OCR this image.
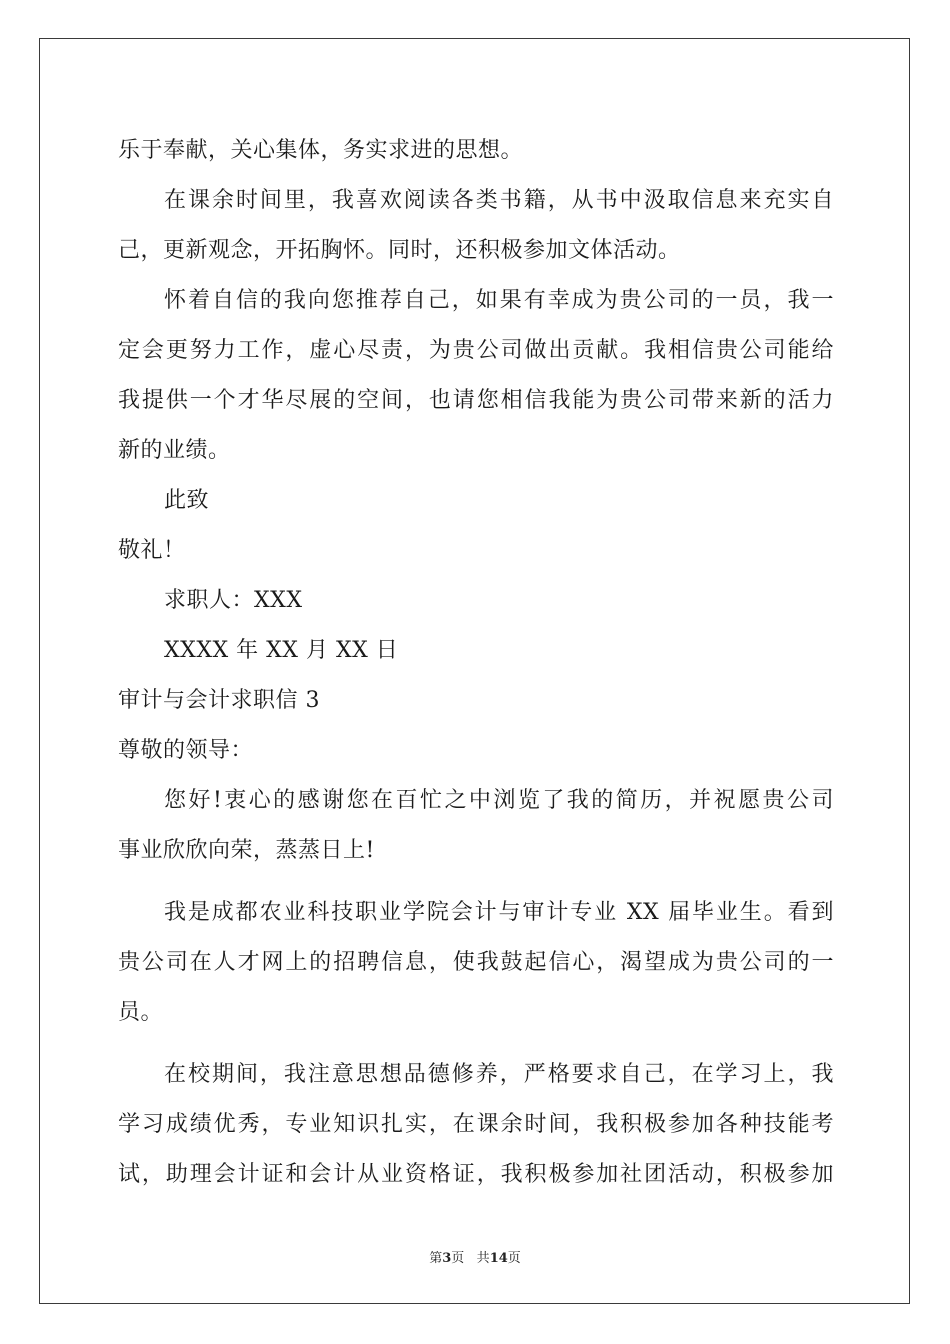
乐于奉献，关心集体，务实求进的思想。
在课余时间里，我喜欢阅读各类书籍，从书中汲取信息来充实自
己，更新观念，开拓胸怀。同时，还积极参加文体活动。
怀着自信的我向您推荐自己，如果有幸成为贵公司的一员，我一
定会更努力工作，虚心尽责，为贵公司做出贡献。我相信贵公司能给
我提供一个才华尽展的空间，也请您相信我能为贵公司带来新的活力
新的业绩。
此致
敬礼！
求职人：XXX
XXXX 年 XX 月 XX 日
审计与会计求职信 3
尊敬的领导：
您好!衷心的感谢您在百忙之中浏览了我的简历，并祝愿贵公司
事业欣欣向荣，蒸蒸日上!
我是成都农业科技职业学院会计与审计专业 XX 届毕业生。看到
贵公司在人才网上的招聘信息，使我鼓起信心，渴望成为贵公司的一
员。
在校期间，我注意思想品德修养，严格要求自己，在学习上，我
学习成绩优秀，专业知识扎实，在课余时间，我积极参加各种技能考
试，助理会计证和会计从业资格证，我积极参加社团活动，积极参加
第3页 共14页
